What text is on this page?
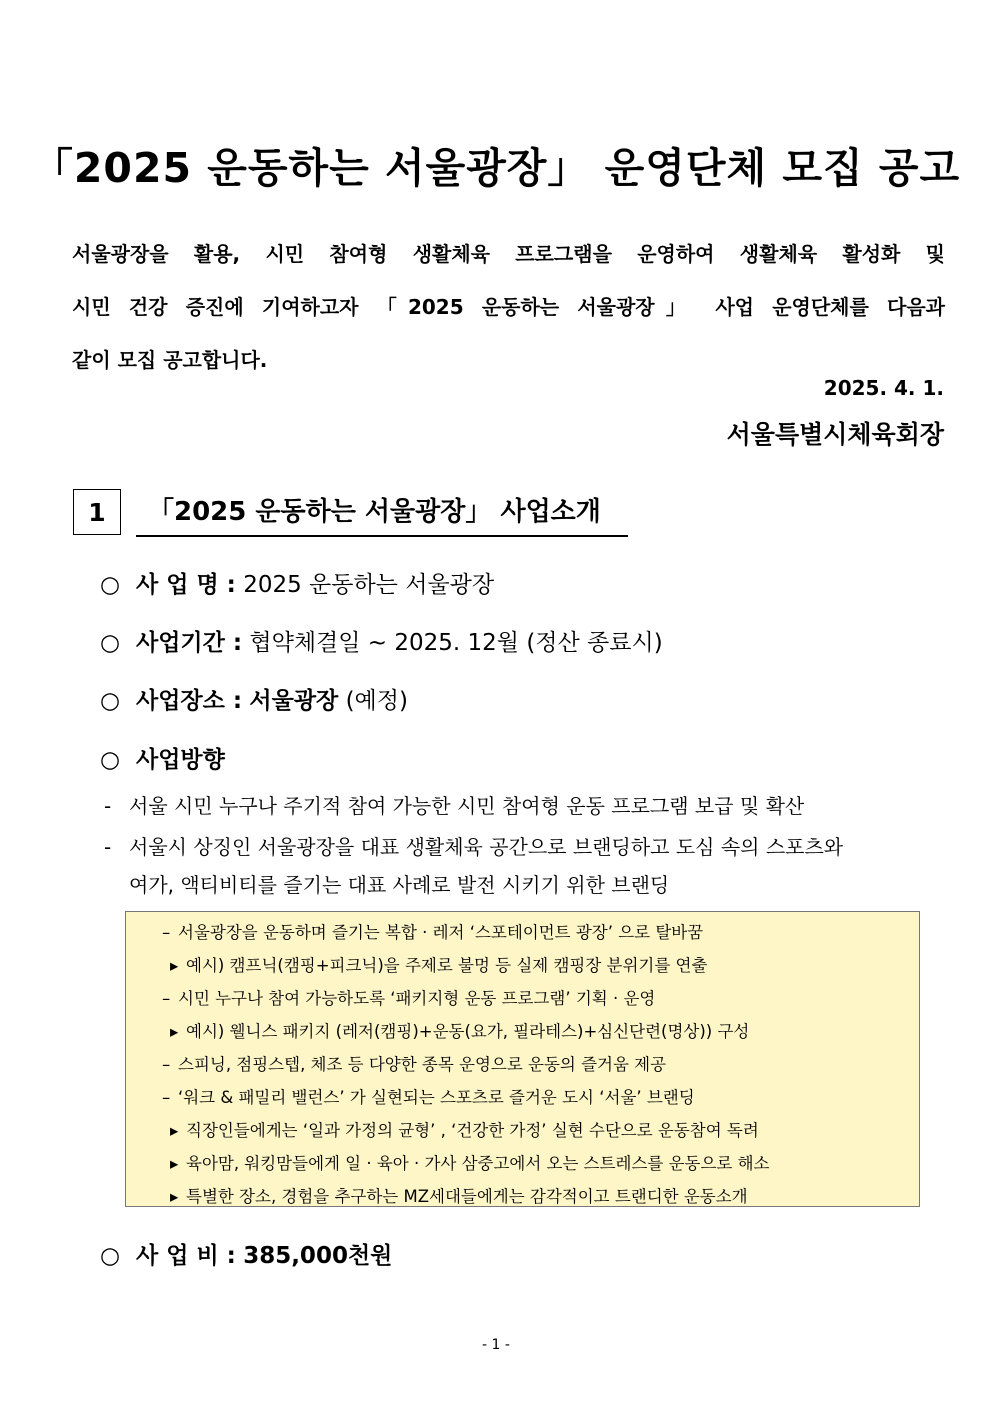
「2025 운동하는 서울광장」 운영단체 모집 공고
서울광장을 활용, 시민 참여형 생활체육 프로그램을 운영하여 생활체육 활성화 및
시민 건강 증진에 기여하고자 「2025 운동하는 서울광장」 사업 운영단체를 다음과
같이 모집 공고합니다.
2025. 4. 1.
서울특별시체육회장
1	「2025 운동하는 서울광장」 사업소개
○ 사 업 명 : 2025 운동하는 서울광장
○ 사업기간 : 협약체결일 ~ 2025. 12월 (정산 종료시)
○ 사업장소 : 서울광장 (예정)
○ 사업방향
- 서울 시민 누구나 주기적 참여 가능한 시민 참여형 운동 프로그램 보급 및 확산
- 서울시 상징인 서울광장을 대표 생활체육 공간으로 브랜딩하고 도심 속의 스포츠와
여가, 액티비티를 즐기는 대표 사례로 발전 시키기 위한 브랜딩
– 서울광장을 운동하며 즐기는 복합 · 레저 ‘스포테이먼트 광장’ 으로 탈바꿈
▸ 예시) 캠프닉(캠핑+피크닉)을 주제로 불멍 등 실제 캠핑장 분위기를 연출
– 시민 누구나 참여 가능하도록 ‘패키지형 운동 프로그램’ 기획 · 운영
▸ 예시) 웰니스 패키지 (레저(캠핑)+운동(요가, 필라테스)+심신단련(명상)) 구성
– 스피닝, 점핑스텝, 체조 등 다양한 종목 운영으로 운동의 즐거움 제공
– ‘워크 & 패밀리 밸런스’ 가 실현되는 스포츠로 즐거운 도시 ‘서울’ 브랜딩
▸ 직장인들에게는 ‘일과 가정의 균형’ , ‘건강한 가정’ 실현 수단으로 운동참여 독려
▸ 육아맘, 워킹맘들에게 일 · 육아 · 가사 삼중고에서 오는 스트레스를 운동으로 해소
▸ 특별한 장소, 경험을 추구하는 MZ세대들에게는 감각적이고 트랜디한 운동소개
○ 사 업 비 : 385,000천원
- 1 -
